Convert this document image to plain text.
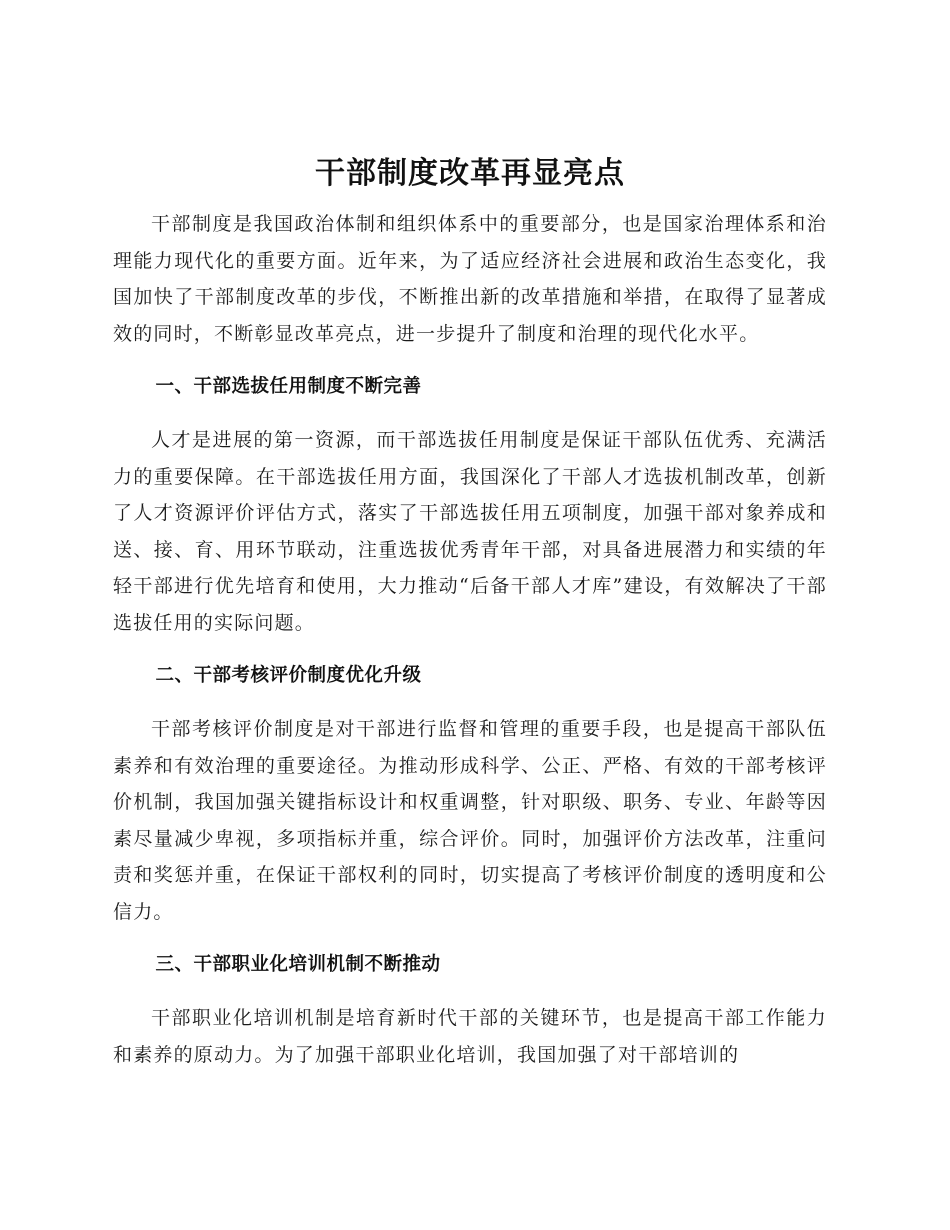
干部制度改革再显亮点

干部制度是我国政治体制和组织体系中的重要部分，也是国家治理体系和治理能力现代化的重要方面。近年来，为了适应经济社会进展和政治生态变化，我国加快了干部制度改革的步伐，不断推出新的改革措施和举措，在取得了显著成效的同时，不断彰显改革亮点，进一步提升了制度和治理的现代化水平。

一、干部选拔任用制度不断完善

人才是进展的第一资源，而干部选拔任用制度是保证干部队伍优秀、充满活力的重要保障。在干部选拔任用方面，我国深化了干部人才选拔机制改革，创新了人才资源评价评估方式，落实了干部选拔任用五项制度，加强干部对象养成和送、接、育、用环节联动，注重选拔优秀青年干部，对具备进展潜力和实绩的年轻干部进行优先培育和使用，大力推动“后备干部人才库”建设，有效解决了干部选拔任用的实际问题。

二、干部考核评价制度优化升级

干部考核评价制度是对干部进行监督和管理的重要手段，也是提高干部队伍素养和有效治理的重要途径。为推动形成科学、公正、严格、有效的干部考核评价机制，我国加强关键指标设计和权重调整，针对职级、职务、专业、年龄等因素尽量减少卑视，多项指标并重，综合评价。同时，加强评价方法改革，注重问责和奖惩并重，在保证干部权利的同时，切实提高了考核评价制度的透明度和公信力。

三、干部职业化培训机制不断推动

干部职业化培训机制是培育新时代干部的关键环节，也是提高干部工作能力和素养的原动力。为了加强干部职业化培训，我国加强了对干部培训的
